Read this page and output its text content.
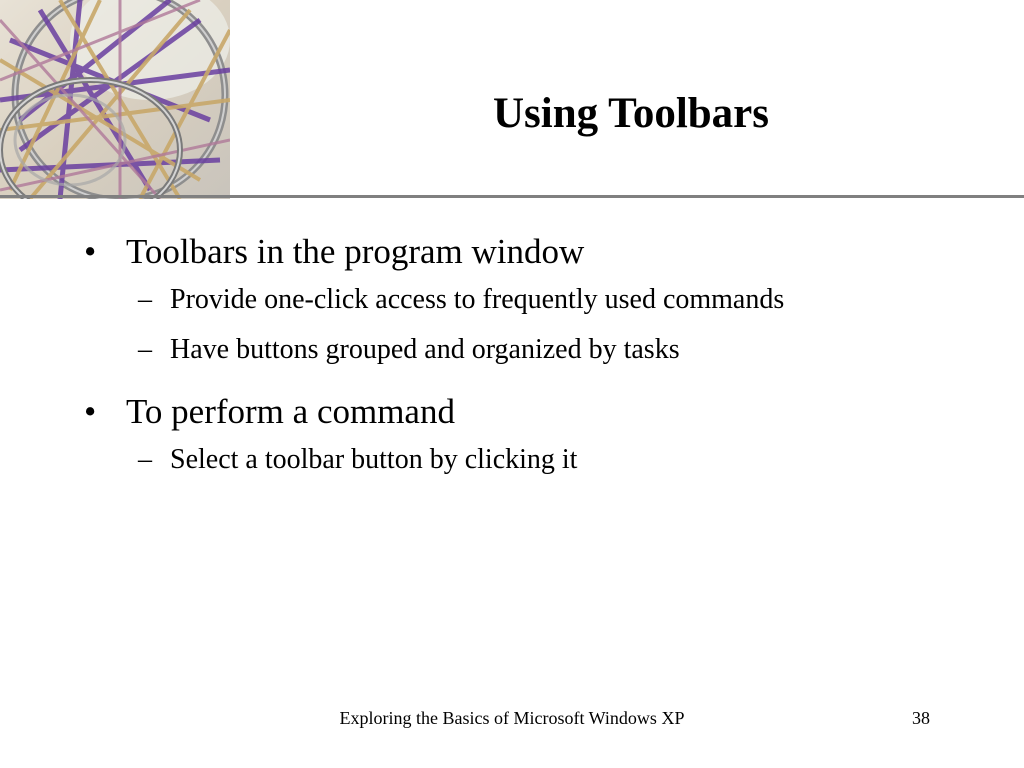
Using Toolbars
• Toolbars in the program window
– Provide one-click access to frequently used commands
– Have buttons grouped and organized by tasks
• To perform a command
– Select a toolbar button by clicking it
Exploring the Basics of Microsoft Windows XP	38
